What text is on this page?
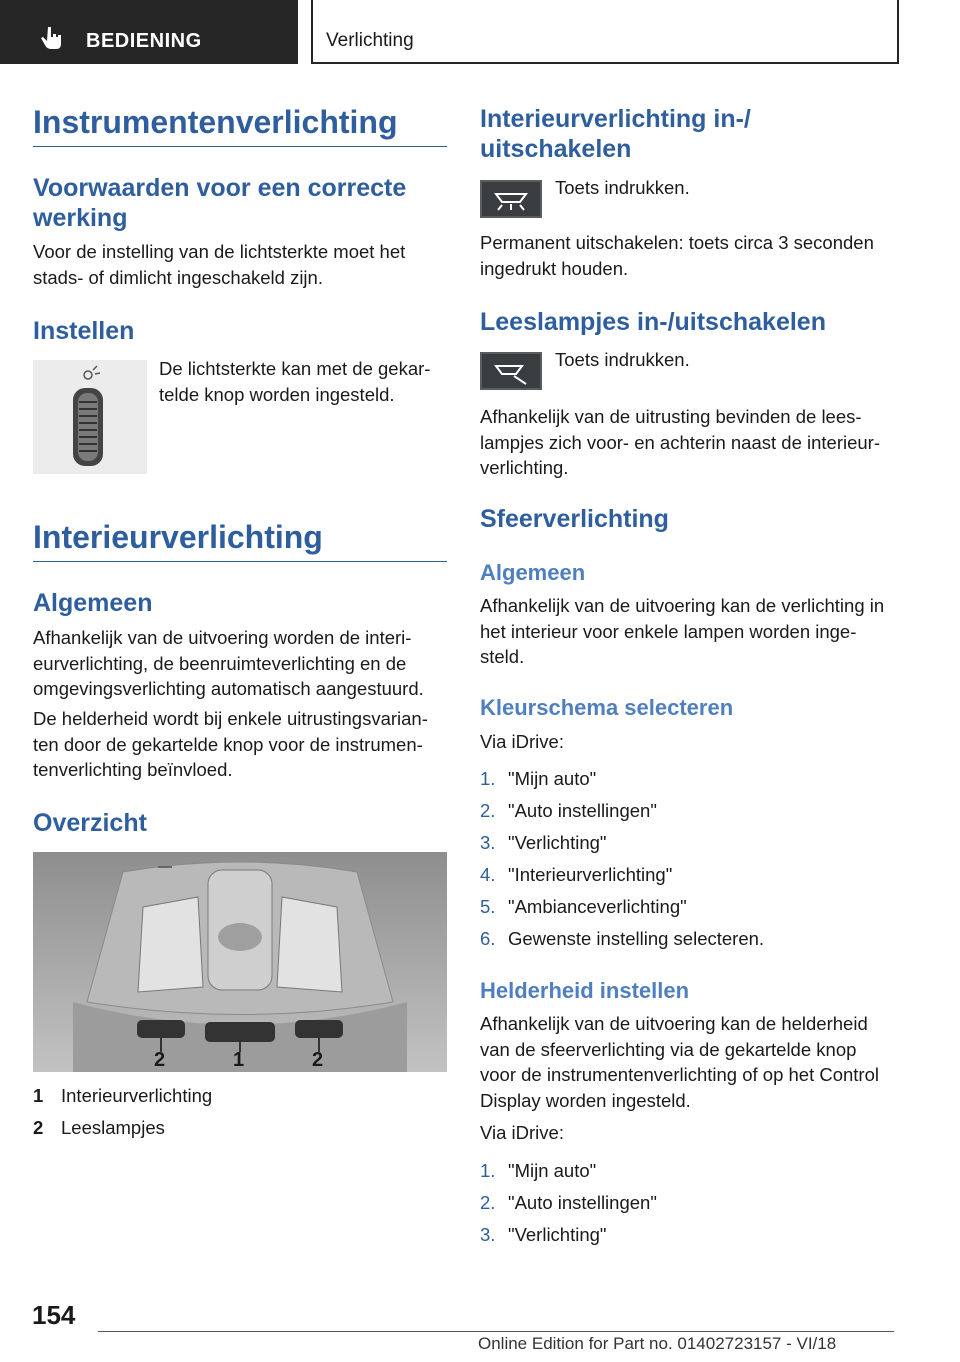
BEDIENING	Verlichting
Instrumentenverlichting
Voorwaarden voor een correcte werking
Voor de instelling van de lichtsterkte moet het stads- of dimlicht ingeschakeld zijn.
Instellen
De lichtsterkte kan met de gekar-telde knop worden ingesteld.
Interieurverlichting
Algemeen
Afhankelijk van de uitvoering worden de interi-eurverlichting, de beenruimteverlichting en de omgevingsverlichting automatisch aangestuurd.
De helderheid wordt bij enkele uitrustingsvarian-ten door de gekartelde knop voor de instrumen-tenverlichting beïnvloed.
Overzicht
2	1	2
1 Interieurverlichting
2 Leeslampjes
Interieurverlichting in-/ uitschakelen
Toets indrukken.
Permanent uitschakelen: toets circa 3 seconden ingedrukt houden.
Leeslampjes in-/uitschakelen
Toets indrukken.
Afhankelijk van de uitrusting bevinden de lees-lampjes zich voor- en achterin naast de interieur-verlichting.
Sfeerverlichting
Algemeen
Afhankelijk van de uitvoering kan de verlichting in het interieur voor enkele lampen worden inge-steld.
Kleurschema selecteren
Via iDrive:
1. "Mijn auto"
2. "Auto instellingen"
3. "Verlichting"
4. "Interieurverlichting"
5. "Ambianceverlichting"
6. Gewenste instelling selecteren.
Helderheid instellen
Afhankelijk van de uitvoering kan de helderheid van de sfeerverlichting via de gekartelde knop voor de instrumentenverlichting of op het Control Display worden ingesteld.
Via iDrive:
1. "Mijn auto"
2. "Auto instellingen"
3. "Verlichting"
154
Online Edition for Part no. 01402723157 - VI/18
